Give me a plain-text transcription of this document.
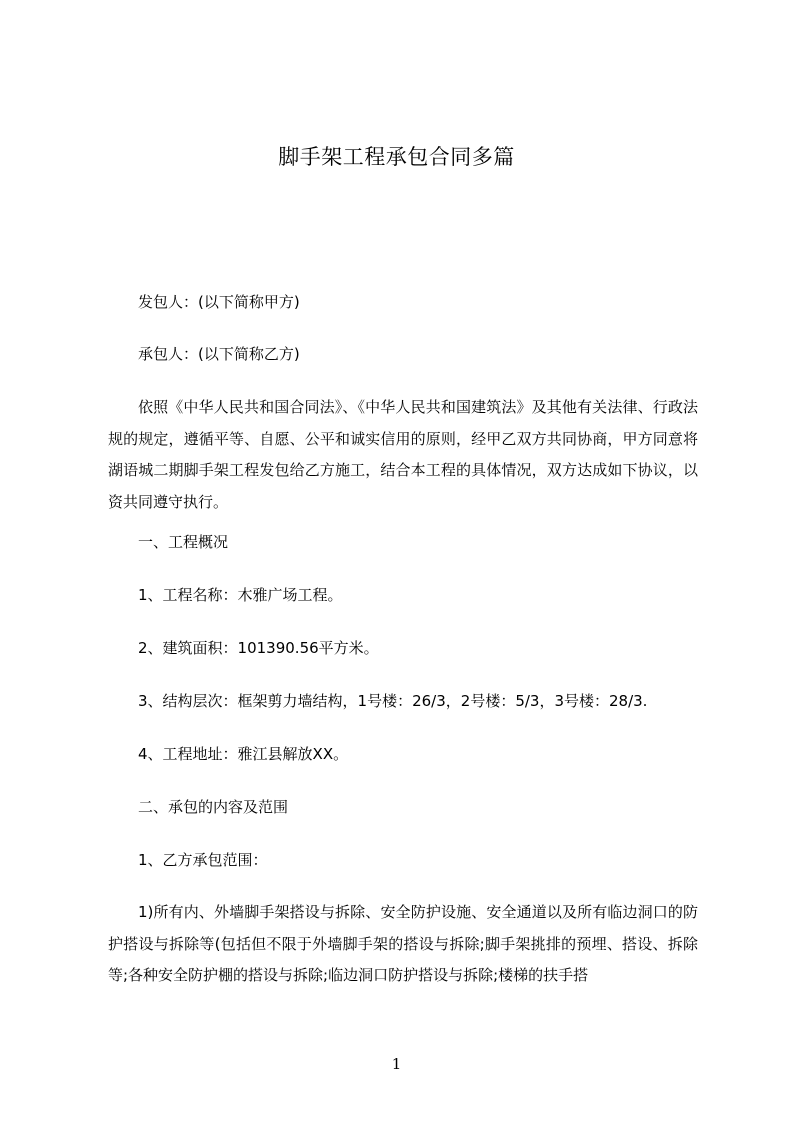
脚手架工程承包合同多篇

发包人：(以下简称甲方)

承包人：(以下简称乙方)

依照《中华人民共和国合同法》、《中华人民共和国建筑法》及其他有关法律、行政法规的规定，遵循平等、自愿、公平和诚实信用的原则，经甲乙双方共同协商，甲方同意将湖语城二期脚手架工程发包给乙方施工，结合本工程的具体情况，双方达成如下协议，以资共同遵守执行。

一、工程概况

1、工程名称：木雅广场工程。

2、建筑面积：101390.56平方米。

3、结构层次：框架剪力墙结构，1号楼：26/3，2号楼：5/3，3号楼：28/3.

4、工程地址：雅江县解放XX。

二、承包的内容及范围

1、乙方承包范围：

1)所有内、外墙脚手架搭设与拆除、安全防护设施、安全通道以及所有临边洞口的防护搭设与拆除等(包括但不限于外墙脚手架的搭设与拆除;脚手架挑排的预埋、搭设、拆除等;各种安全防护棚的搭设与拆除;临边洞口防护搭设与拆除;楼梯的扶手搭

1
